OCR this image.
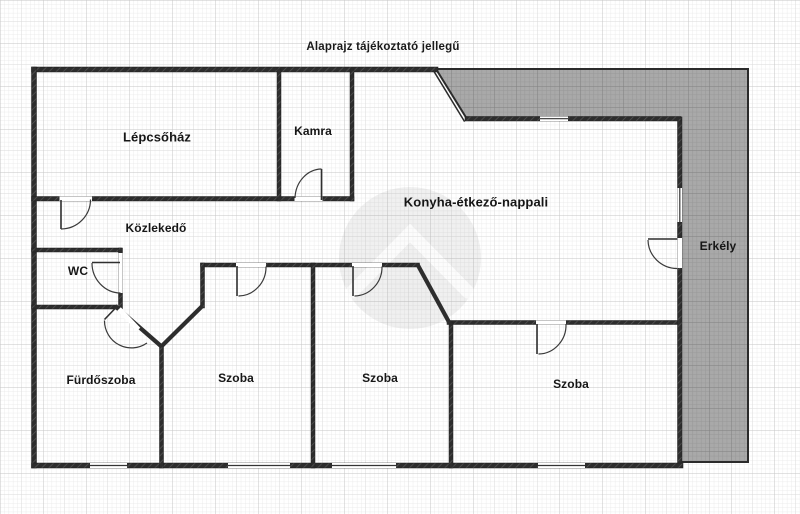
Alaprajz tájékoztató jellegű
Lépcsőház	Kamra
Konyha-étkező-nappali
Közlekedő
WC
Fürdőszoba	Szoba	Szoba	Szoba
Erkély
